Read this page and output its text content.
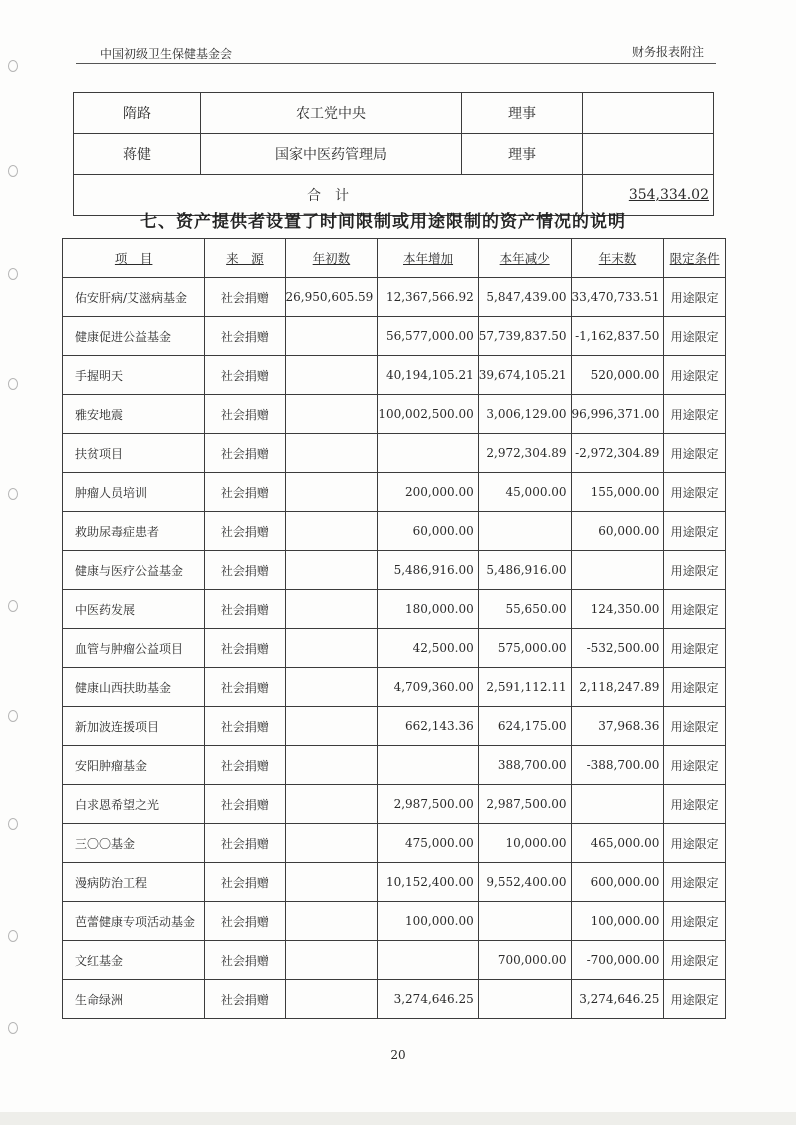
中国初级卫生保健基金会	财务报表附注
隋路	农工党中央	理事	
蒋健	国家中医药管理局	理事	
合　计			354,334.02
七、资产提供者设置了时间限制或用途限制的资产情况的说明
项　目	来　源	年初数	本年增加	本年减少	年末数	限定条件
佑安肝病/艾滋病基金	社会捐赠	26,950,605.59	12,367,566.92	5,847,439.00	33,470,733.51	用途限定
健康促进公益基金	社会捐赠		56,577,000.00	57,739,837.50	-1,162,837.50	用途限定
手握明天	社会捐赠		40,194,105.21	39,674,105.21	520,000.00	用途限定
雅安地震	社会捐赠		100,002,500.00	3,006,129.00	96,996,371.00	用途限定
扶贫项目	社会捐赠			2,972,304.89	-2,972,304.89	用途限定
肿瘤人员培训	社会捐赠		200,000.00	45,000.00	155,000.00	用途限定
救助尿毒症患者	社会捐赠		60,000.00		60,000.00	用途限定
健康与医疗公益基金	社会捐赠		5,486,916.00	5,486,916.00		用途限定
中医药发展	社会捐赠		180,000.00	55,650.00	124,350.00	用途限定
血管与肿瘤公益项目	社会捐赠		42,500.00	575,000.00	-532,500.00	用途限定
健康山西扶助基金	社会捐赠		4,709,360.00	2,591,112.11	2,118,247.89	用途限定
新加波连援项目	社会捐赠		662,143.36	624,175.00	37,968.36	用途限定
安阳肿瘤基金	社会捐赠			388,700.00	-388,700.00	用途限定
白求恩希望之光	社会捐赠		2,987,500.00	2,987,500.00		用途限定
三〇〇基金	社会捐赠		475,000.00	10,000.00	465,000.00	用途限定
漫病防治工程	社会捐赠		10,152,400.00	9,552,400.00	600,000.00	用途限定
芭蕾健康专项活动基金	社会捐赠		100,000.00		100,000.00	用途限定
文红基金	社会捐赠			700,000.00	-700,000.00	用途限定
生命绿洲	社会捐赠		3,274,646.25		3,274,646.25	用途限定
20
